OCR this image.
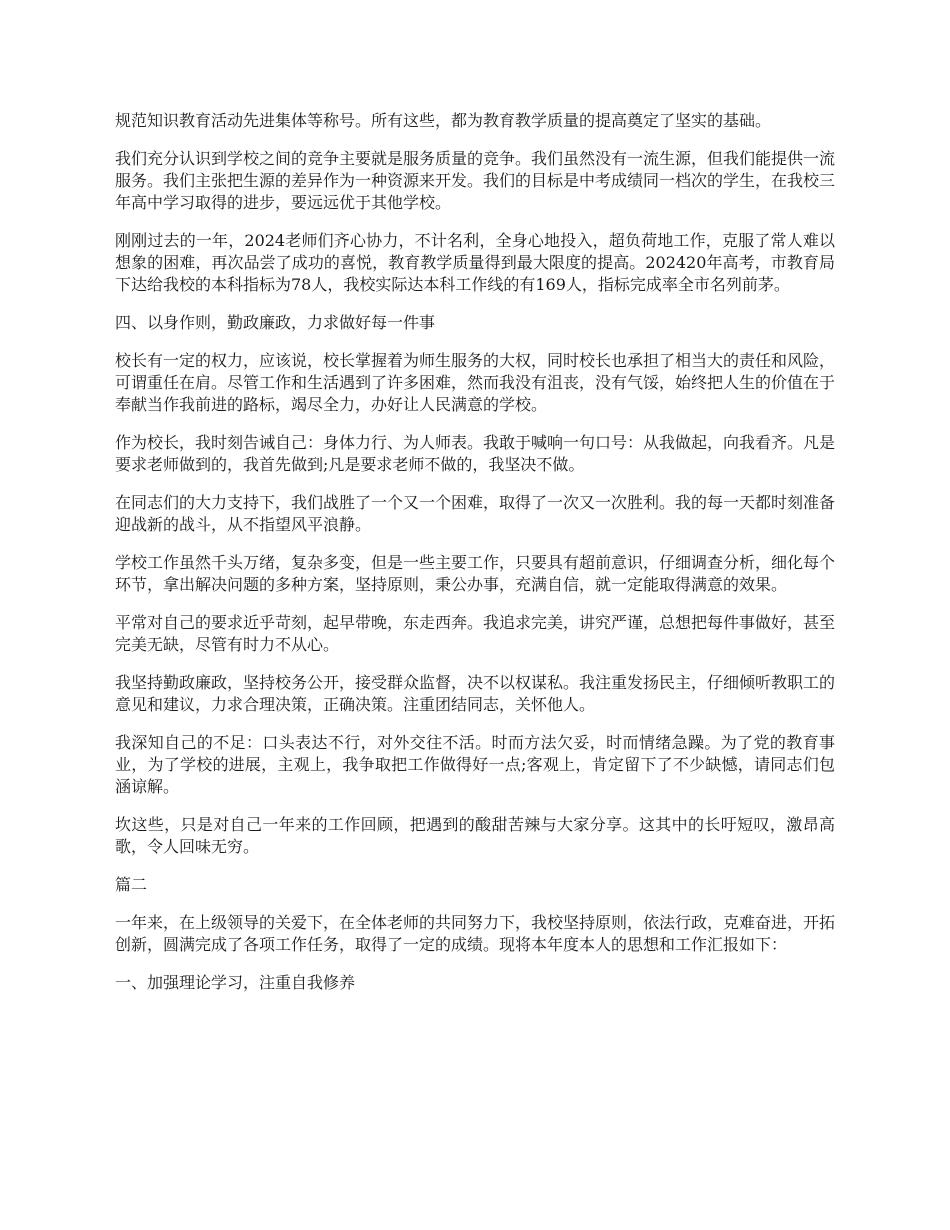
规范知识教育活动先进集体等称号。所有这些，都为教育教学质量的提高奠定了坚实的基础。

我们充分认识到学校之间的竞争主要就是服务质量的竞争。我们虽然没有一流生源，但我们能提供一流服务。我们主张把生源的差异作为一种资源来开发。我们的目标是中考成绩同一档次的学生，在我校三年高中学习取得的进步，要远远优于其他学校。

刚刚过去的一年，2024老师们齐心协力，不计名利，全身心地投入，超负荷地工作，克服了常人难以想象的困难，再次品尝了成功的喜悦，教育教学质量得到最大限度的提高。202420年高考，市教育局下达给我校的本科指标为78人，我校实际达本科工作线的有169人，指标完成率全市名列前茅。

四、以身作则，勤政廉政，力求做好每一件事

校长有一定的权力，应该说，校长掌握着为师生服务的大权，同时校长也承担了相当大的责任和风险，可谓重任在肩。尽管工作和生活遇到了许多困难，然而我没有沮丧，没有气馁，始终把人生的价值在于奉献当作我前进的路标，竭尽全力，办好让人民满意的学校。

作为校长，我时刻告诫自己：身体力行、为人师表。我敢于喊响一句口号：从我做起，向我看齐。凡是要求老师做到的，我首先做到;凡是要求老师不做的，我坚决不做。

在同志们的大力支持下，我们战胜了一个又一个困难，取得了一次又一次胜利。我的每一天都时刻准备迎战新的战斗，从不指望风平浪静。

学校工作虽然千头万绪，复杂多变，但是一些主要工作，只要具有超前意识，仔细调查分析，细化每个环节，拿出解决问题的多种方案，坚持原则，秉公办事，充满自信，就一定能取得满意的效果。

平常对自己的要求近乎苛刻，起早带晚，东走西奔。我追求完美，讲究严谨，总想把每件事做好，甚至完美无缺，尽管有时力不从心。

我坚持勤政廉政，坚持校务公开，接受群众监督，决不以权谋私。我注重发扬民主，仔细倾听教职工的意见和建议，力求合理决策，正确决策。注重团结同志，关怀他人。

我深知自己的不足：口头表达不行，对外交往不活。时而方法欠妥，时而情绪急躁。为了党的教育事业，为了学校的进展，主观上，我争取把工作做得好一点;客观上，肯定留下了不少缺憾，请同志们包涵谅解。

坎这些，只是对自己一年来的工作回顾，把遇到的酸甜苦辣与大家分享。这其中的长吁短叹，激昂高歌，令人回味无穷。

篇二

一年来，在上级领导的关爱下，在全体老师的共同努力下，我校坚持原则，依法行政，克难奋进，开拓创新，圆满完成了各项工作任务，取得了一定的成绩。现将本年度本人的思想和工作汇报如下：

一、加强理论学习，注重自我修养
